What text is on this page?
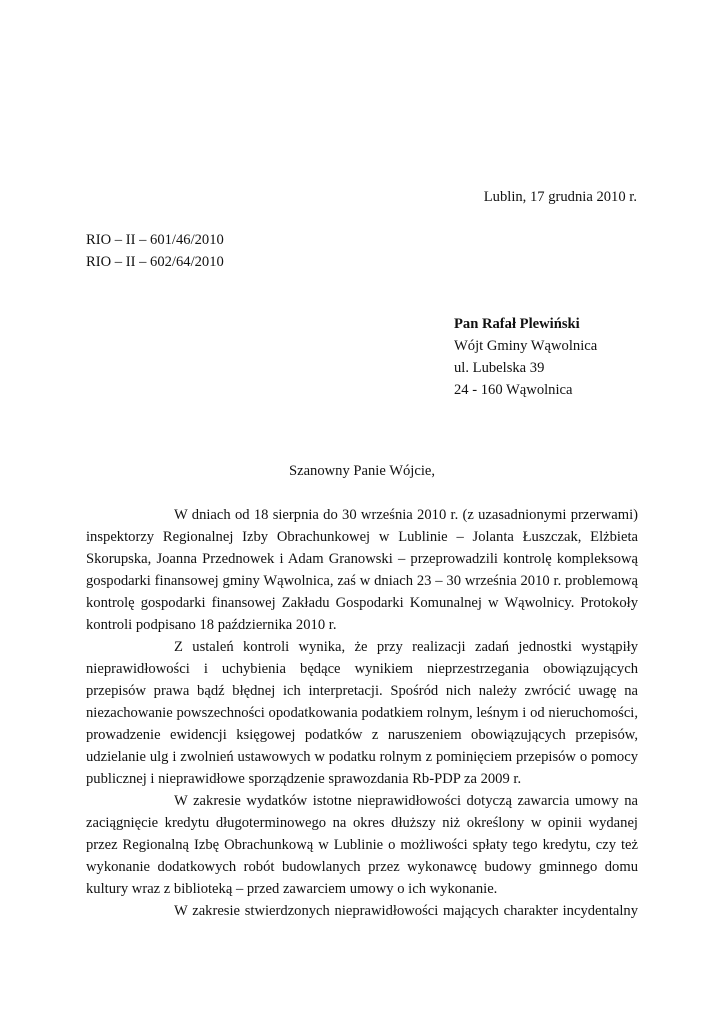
Lublin, 17 grudnia 2010 r.
RIO – II – 601/46/2010
RIO – II – 602/64/2010
Pan Rafał Plewiński
Wójt Gminy Wąwolnica
ul. Lubelska 39
24 - 160 Wąwolnica
Szanowny Panie Wójcie,

W dniach od 18 sierpnia do 30 września 2010 r. (z uzasadnionymi przerwami) inspektorzy Regionalnej Izby Obrachunkowej w Lublinie – Jolanta Łuszczak, Elżbieta Skorupska, Joanna Przednowek i Adam Granowski – przeprowadzili kontrolę kompleksową gospodarki finansowej gminy Wąwolnica, zaś w dniach 23 – 30 września 2010 r. problemową kontrolę gospodarki finansowej Zakładu Gospodarki Komunalnej w Wąwolnicy. Protokoły kontroli podpisano 18 października 2010 r.

Z ustaleń kontroli wynika, że przy realizacji zadań jednostki wystąpiły nieprawidłowości i uchybienia będące wynikiem nieprzestrzegania obowiązujących przepisów prawa bądź błędnej ich interpretacji. Spośród nich należy zwrócić uwagę na niezachowanie powszechności opodatkowania podatkiem rolnym, leśnym i od nieruchomości, prowadzenie ewidencji księgowej podatków z naruszeniem obowiązujących przepisów, udzielanie ulg i zwolnień ustawowych w podatku rolnym z pominięciem przepisów o pomocy publicznej i nieprawidłowe sporządzenie sprawozdania Rb-PDP za 2009 r.

W zakresie wydatków istotne nieprawidłowości dotyczą zawarcia umowy na zaciągnięcie kredytu długoterminowego na okres dłuższy niż określony w opinii wydanej przez Regionalną Izbę Obrachunkową w Lublinie o możliwości spłaty tego kredytu, czy też wykonanie dodatkowych robót budowlanych przez wykonawcę budowy gminnego domu kultury wraz z biblioteką – przed zawarciem umowy o ich wykonanie.

W zakresie stwierdzonych nieprawidłowości mających charakter incydentalny
